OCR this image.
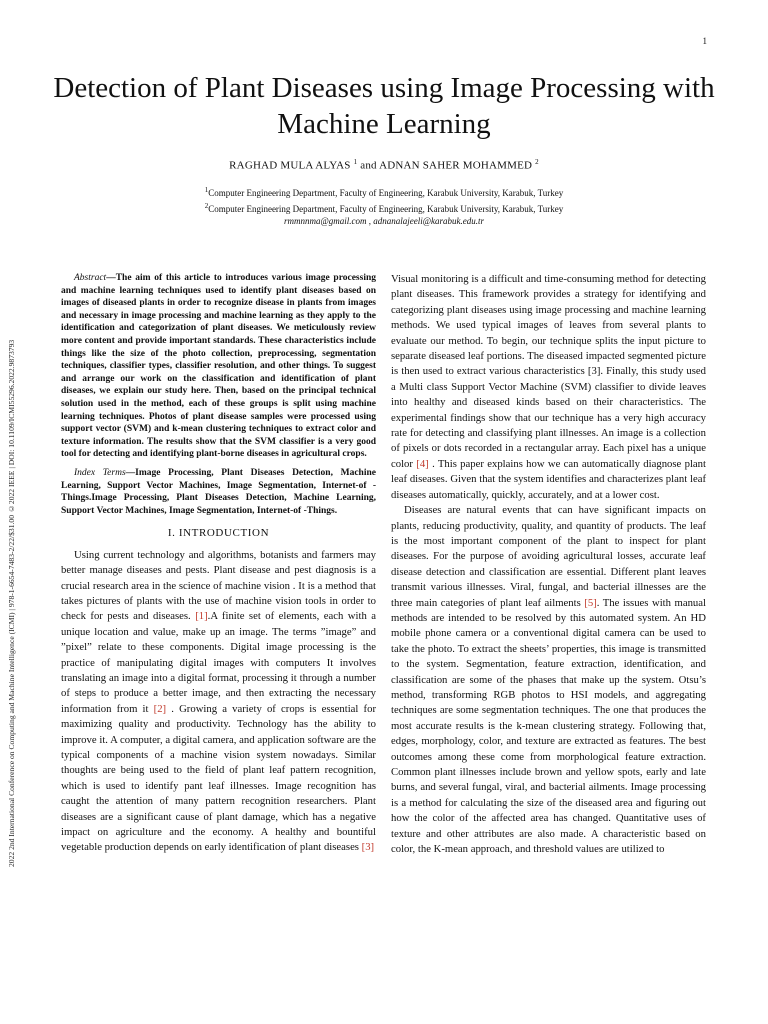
1
2022 2nd International Conference on Computing and Machine Intelligence (ICMI) | 978-1-6654-7483-2/22/$31.00 ©2022 IEEE | DOI: 10.1109/ICMI55296.2022.9873793
Detection of Plant Diseases using Image Processing with Machine Learning
RAGHAD MULA ALYAS $^1$ and ADNAN SAHER MOHAMMED $^2$
$^1$Computer Engineering Department, Faculty of Engineering, Karabuk University, Karabuk, Turkey
$^2$Computer Engineering Department, Faculty of Engineering, Karabuk University, Karabuk, Turkey
rmmnnma@gmail.com , adnanalajeeli@karabuk.edu.tr

Abstract—The aim of this article to introduces various image processing and machine learning techniques used to identify plant diseases based on images of diseased plants in order to recognize disease in plants from images and necessary in image processing and machine learning as they apply to the identification and categorization of plant diseases. We meticulously review more content and provide important standards. These characteristics include things like the size of the photo collection, preprocessing, segmentation techniques, classifier types, classifier resolution, and other things. To suggest and arrange our work on the classification and identification of plant diseases, we explain our study here. Then, based on the principal technical solution used in the method, each of these groups is split using machine learning techniques. Photos of plant disease samples were processed using support vector (SVM) and k-mean clustering techniques to extract color and texture information. The results show that the SVM classifier is a very good tool for detecting and identifying plant-borne diseases in agricultural crops.

Index Terms—Image Processing, Plant Diseases Detection, Machine Learning, Support Vector Machines, Image Segmentation, Internet-of -Things.Image Processing, Plant Diseases Detection, Machine Learning, Support Vector Machines, Image Segmentation, Internet-of -Things.

I. INTRODUCTION

Using current technology and algorithms, botanists and farmers may better manage diseases and pests. Plant disease and pest diagnosis is a crucial research area in the science of machine vision . It is a method that takes pictures of plants with the use of machine vision tools in order to check for pests and diseases. [1].A finite set of elements, each with a unique location and value, make up an image. The terms ”image” and ”pixel” relate to these components. Digital image processing is the practice of manipulating digital images with computers It involves translating an image into a digital format, processing it through a number of steps to produce a better image, and then extracting the necessary information from it [2] . Growing a variety of crops is essential for maximizing quality and productivity. Technology has the ability to improve it. A computer, a digital camera, and application software are the typical components of a machine vision system nowadays. Similar thoughts are being used to the field of plant leaf pattern recognition, which is used to identify pant leaf illnesses. Image recognition has caught the attention of many pattern recognition researchers. Plant diseases are a significant cause of plant damage, which has a negative impact on agriculture and the economy. A healthy and bountiful vegetable production depends on early identification of plant diseases [3]

Visual monitoring is a difficult and time-consuming method for detecting plant diseases. This framework provides a strategy for identifying and categorizing plant diseases using image processing and machine learning methods. We used typical images of leaves from several plants to evaluate our method. To begin, our technique splits the input picture to separate diseased leaf portions. The diseased impacted segmented picture is then used to extract various characteristics [3]. Finally, this study used a Multi class Support Vector Machine (SVM) classifier to divide leaves into healthy and diseased kinds based on their characteristics. The experimental findings show that our technique has a very high accuracy rate for detecting and classifying plant illnesses. An image is a collection of pixels or dots recorded in a rectangular array. Each pixel has a unique color [4] . This paper explains how we can automatically diagnose plant leaf diseases. Given that the system identifies and characterizes plant leaf diseases automatically, quickly, accurately, and at a lower cost.

Diseases are natural events that can have significant impacts on plants, reducing productivity, quality, and quantity of products. The leaf is the most important component of the plant to inspect for plant diseases. For the purpose of avoiding agricultural losses, accurate leaf disease detection and classification are essential. Different plant leaves transmit various illnesses. Viral, fungal, and bacterial illnesses are the three main categories of plant leaf ailments [5]. The issues with manual methods are intended to be resolved by this automated system. An HD mobile phone camera or a conventional digital camera can be used to take the photo. To extract the sheets’ properties, this image is transmitted to the system. Segmentation, feature extraction, identification, and classification are some of the phases that make up the system. Otsu’s method, transforming RGB photos to HSI models, and aggregating techniques are some segmentation techniques. The one that produces the most accurate results is the k-mean clustering strategy. Following that, edges, morphology, color, and texture are extracted as features. The best outcomes among these come from morphological feature extraction. Common plant illnesses include brown and yellow spots, early and late burns, and several fungal, viral, and bacterial ailments. Image processing is a method for calculating the size of the diseased area and figuring out how the color of the affected area has changed. Quantitative uses of texture and other attributes are also made. A characteristic based on color, the K-mean approach, and threshold values are utilized to
